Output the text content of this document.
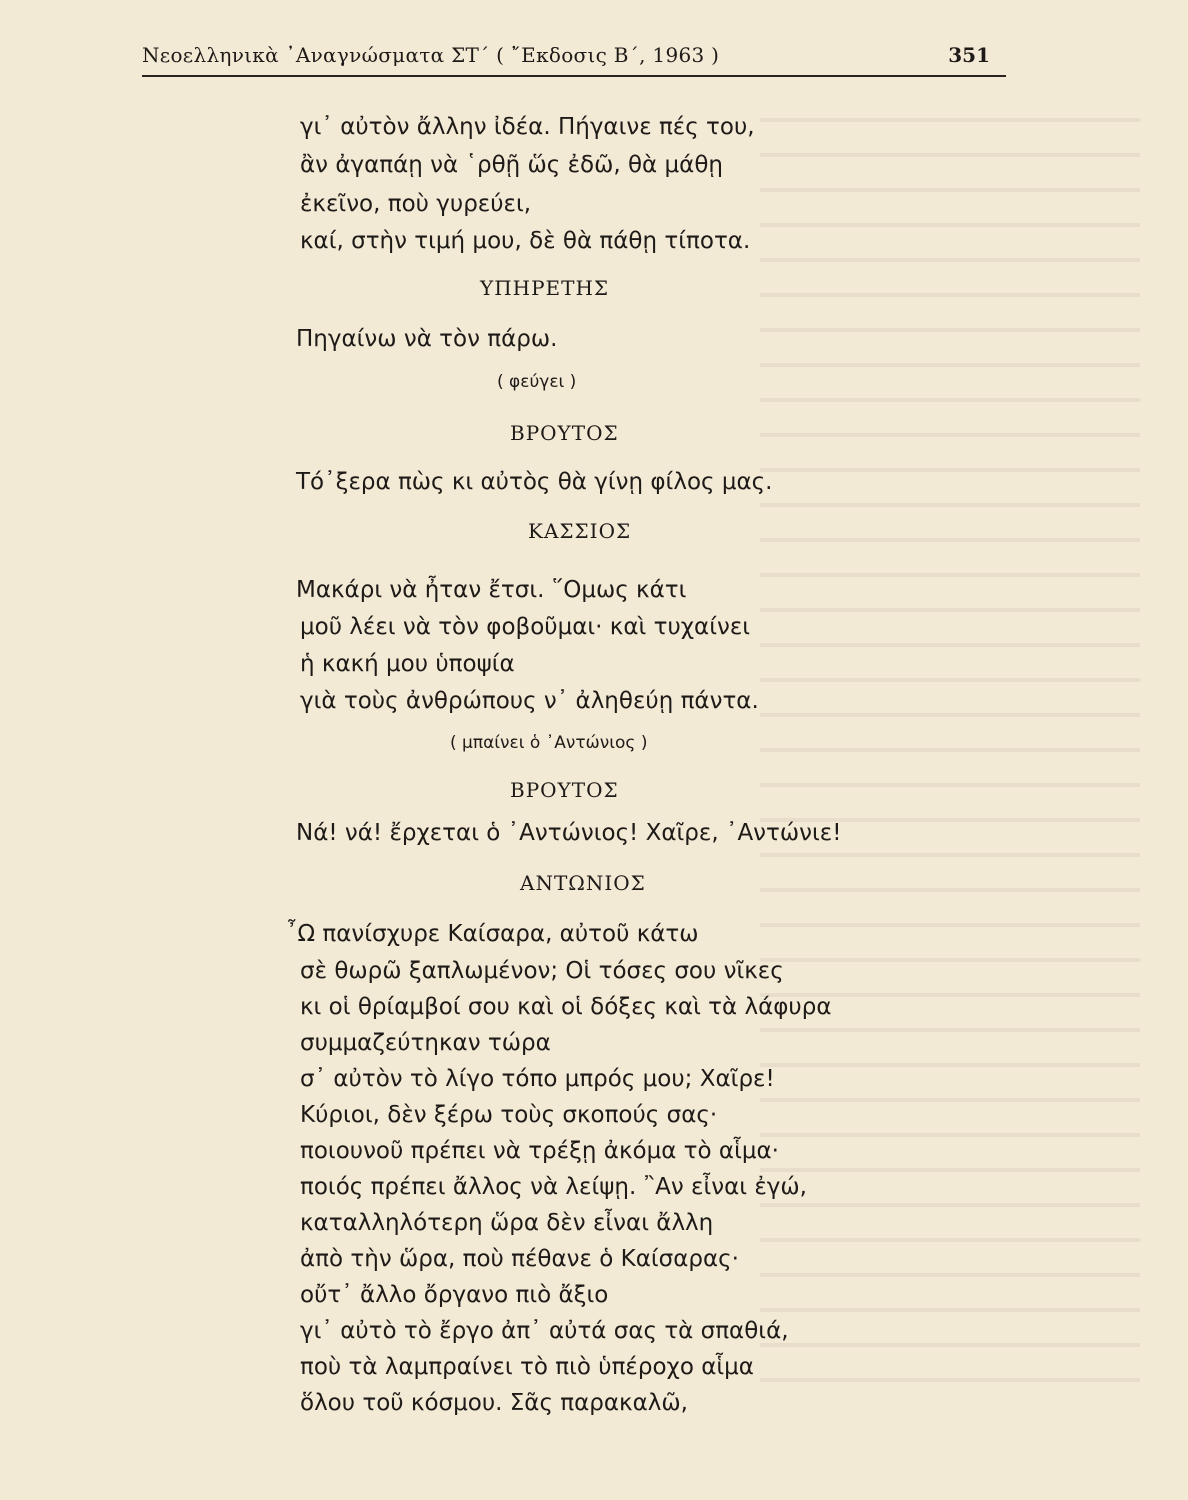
Νεοελληνικὰ ᾿Αναγνώσματα ΣΤ΄ ( ῎Εκδοσις Β΄, 1963 )	351
γι᾿ αὐτὸν ἄλλην ἰδέα. Πήγαινε πές του,
ἂν ἀγαπάῃ νὰ ῾ρθῇ ὥς ἐδῶ, θὰ μάθῃ
ἐκεῖνο, ποὺ γυρεύει,
καί, στὴν τιμή μου, δὲ θὰ πάθῃ τίποτα.
ΥΠΗΡΕΤΗΣ
Πηγαίνω νὰ τὸν πάρω.
( φεύγει )
ΒΡΟΥΤΟΣ
Τό᾿ξερα πὼς κι αὐτὸς θὰ γίνῃ φίλος μας.
ΚΑΣΣΙΟΣ
Μακάρι νὰ ἦταν ἔτσι. ῞Ομως κάτι
μοῦ λέει νὰ τὸν φοβοῦμαι· καὶ τυχαίνει
ἡ κακή μου ὑποψία
γιὰ τοὺς ἀνθρώπους ν᾿ ἀληθεύῃ πάντα.
( μπαίνει ὁ ᾿Αντώνιος )
ΒΡΟΥΤΟΣ
Νά! νά! ἔρχεται ὁ ᾿Αντώνιος! Χαῖρε, ᾿Αντώνιε!
ΑΝΤΩΝΙΟΣ
῏Ω πανίσχυρε Καίσαρα, αὐτοῦ κάτω
σὲ θωρῶ ξαπλωμένον; Οἱ τόσες σου νῖκες
κι οἱ θρίαμβοί σου καὶ οἱ δόξες καὶ τὰ λάφυρα
συμμαζεύτηκαν τώρα
σ᾿ αὐτὸν τὸ λίγο τόπο μπρός μου; Χαῖρε!
Κύριοι, δὲν ξέρω τοὺς σκοπούς σας·
ποιουνοῦ πρέπει νὰ τρέξῃ ἀκόμα τὸ αἷμα·
ποιός πρέπει ἄλλος νὰ λείψῃ. ῍Αν εἶναι ἐγώ,
καταλληλότερη ὥρα δὲν εἶναι ἄλλη
ἀπὸ τὴν ὥρα, ποὺ πέθανε ὁ Καίσαρας·
οὔτ᾿ ἄλλο ὄργανο πιὸ ἄξιο
γι᾿ αὐτὸ τὸ ἔργο ἀπ᾿ αὐτά σας τὰ σπαθιά,
ποὺ τὰ λαμπραίνει τὸ πιὸ ὑπέροχο αἷμα
ὅλου τοῦ κόσμου. Σᾶς παρακαλῶ,
